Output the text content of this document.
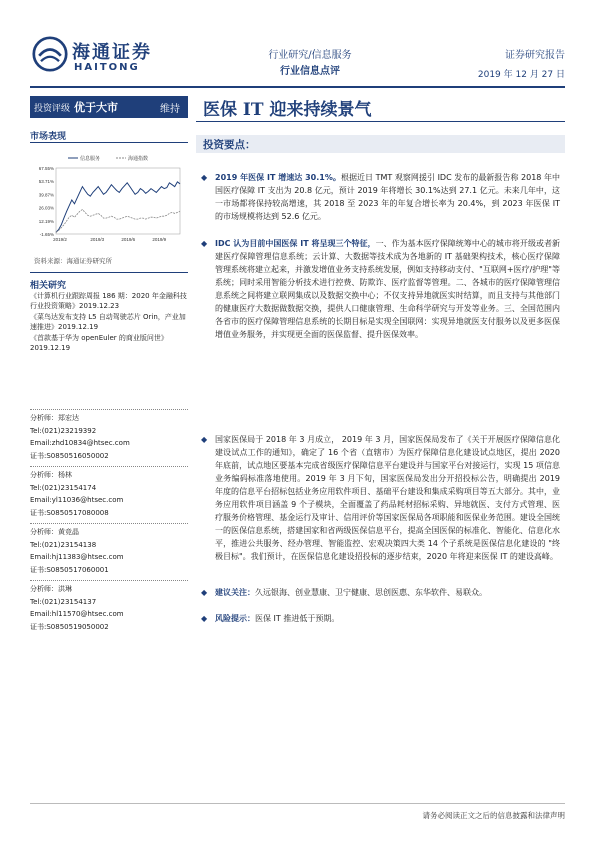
海通证券
HAITONG
行业研究/信息服务
行业信息点评
证券研究报告
2019 年 12 月 27 日
投资评级 优于大市	维持	医保 IT 迎来持续景气
市场表现
67.55%
53.71%
39.87%
26.03%
12.19%
-1.65%
2019/2	2019/3	2019/6	2019/9
信息服务	海通指数
资料来源：海通证券研究所
相关研究
《计算机行业跟踪周报 186 期：2020 年金融科技行业投资策略》2019.12.23
《菜鸟达发布支持 L5 自动驾驶芯片 Orin，产业加速推进》2019.12.19
《首款基于华为 openEuler 的商业版问世》2019.12.19
分析师：郑宏达
Tel:(021)23219392
Email:zhd10834@htsec.com
证书:S0850516050002
分析师：杨林
Tel:(021)23154174
Email:yl11036@htsec.com
证书:S0850517080008
分析师：黄竞晶
Tel:(021)23154138
Email:hj11383@htsec.com
证书:S0850517060001
分析师：洪琳
Tel:(021)23154137
Email:hl11570@htsec.com
证书:S0850519050002
投资要点：
◆ 2019 年医保 IT 增速达 30.1%。根据近日 TMT 观察网援引 IDC 发布的最新报告称 2018 年中国医疗保障 IT 支出为 20.8 亿元，预计 2019 年将增长 30.1%达到 27.1 亿元。未来几年中，这一市场都将保持较高增速，其 2018 至 2023 年的年复合增长率为 20.4%，到 2023 年医保 IT 的市场规模将达到 52.6 亿元。
◆ IDC 认为目前中国医保 IT 将呈现三个特征，一、作为基本医疗保障统筹中心的城市将开级或者新建医疗保障管理信息系统；云计算、大数据等技术成为各地新的 IT 基础架构技术，核心医疗保障管理系统将建立起来，并激发增值业务支持系统发展，例如支持移动支付、"互联网+医疗/护理"等系统；同时采用智能分析技术进行控费、防欺诈、医疗监督等管理。二、各城市的医疗保障管理信息系统之间将建立联网集成以及数据交换中心；不仅支持异地就医实时结算，而且支持与其他部门的健康医疗大数据做数据交换，提供人口健康管理、生命科学研究与开发等业务。三、全国范围内各省市的医疗保障管理信息系统的长期目标是实现全国联网：实现异地就医支付服务以及更多医保增值业务服务，并实现更全面的医保监督、提升医保效率。
◆ 国家医保局于 2018 年 3 月成立， 2019 年 3 月，国家医保局发布了《关于开展医疗保障信息化建设试点工作的通知》，确定了 16 个省（直辖市）为医疗保障信息化建设试点地区，提出 2020 年底前，试点地区要基本完成省级医疗保障信息平台建设并与国家平台对接运行，实现 15 项信息业务编码标准落地使用。2019 年 3 月下旬，国家医保局发出分开招投标公告，明确提出 2019 年度的信息平台招标包括业务应用软件项目、基础平台建设和集成采购项目等五大部分。其中，业务应用软件项目涵盖 9 个子模块，全面覆盖了药品耗材招标采购、异地就医、支付方式管理、医疗服务价格管理、基金运行及审计、信用评价等国家医保局各项职能和医保业务范围。建设全国统一的医保信息系统，搭建国家和省两级医保信息平台，提高全国医保的标准化、智能化、信息化水平，推进公共服务、经办管理、智能监控、宏观决策四大类 14 个子系统是医保信息化建设的 "终极目标"。我们预计，在医保信息化建设招投标的逐步结束，2020 年将迎来医保 IT 的建设高峰。
◆ 建议关注：久远银海、创业慧康、卫宁健康、思创医惠、东华软件、易联众。
◆ 风险提示：医保 IT 推进低于预期。
请务必阅读正文之后的信息披露和法律声明
